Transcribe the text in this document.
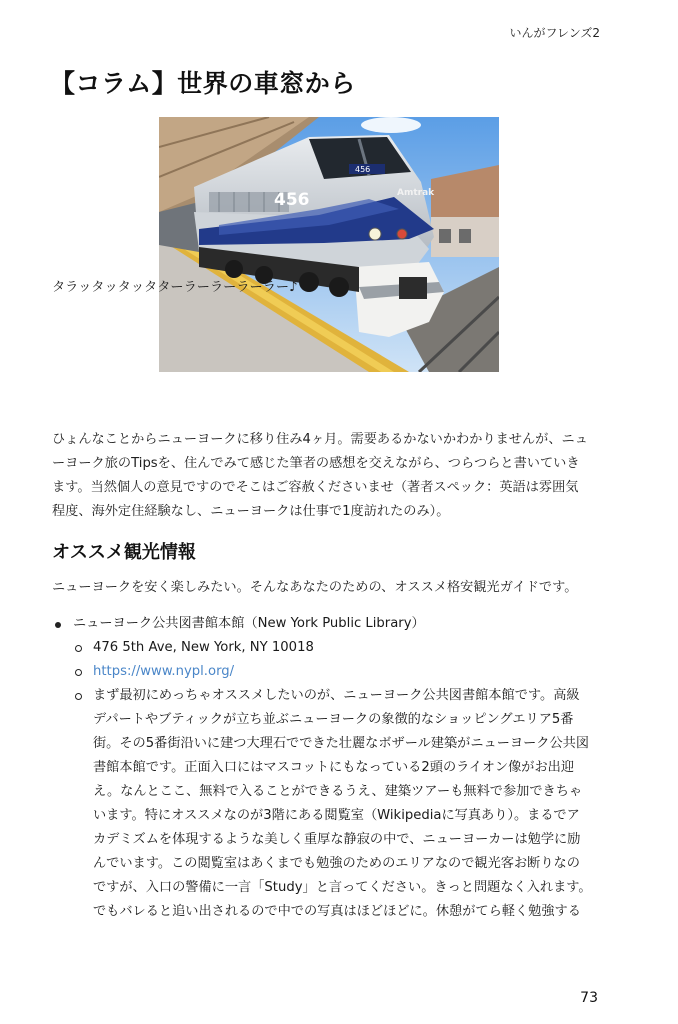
いんがフレンズ2
【コラム】世界の車窓から
456
456
Amtrak

タラッタッタッタターラーラーラーラー♪

ひょんなことからニューヨークに移り住み4ヶ月。需要あるかないかわかりませんが、ニュ
ーヨーク旅のTipsを、住んでみて感じた筆者の感想を交えながら、つらつらと書いていき
ます。当然個人の意見ですのでそこはご容赦くださいませ（著者スペック：英語は雰囲気
程度、海外定住経験なし、ニューヨークは仕事で1度訪れたのみ）。
オススメ観光情報

ニューヨークを安く楽しみたい。そんなあなたのための、オススメ格安観光ガイドです。

ニューヨーク公共図書館本館（New York Public Library）
476 5th Ave, New York, NY 10018
https://www.nypl.org/
まず最初にめっちゃオススメしたいのが、ニューヨーク公共図書館本館です。高級
デパートやブティックが立ち並ぶニューヨークの象徴的なショッピングエリア5番
街。その5番街沿いに建つ大理石でできた壮麗なボザール建築がニューヨーク公共図
書館本館です。正面入口にはマスコットにもなっている2頭のライオン像がお出迎
え。なんとここ、無料で入ることができるうえ、建築ツアーも無料で参加できちゃ
います。特にオススメなのが3階にある閲覧室（Wikipediaに写真あり）。まるでア
カデミズムを体現するような美しく重厚な静寂の中で、ニューヨーカーは勉学に励
んでいます。この閲覧室はあくまでも勉強のためのエリアなので観光客お断りなの
ですが、入口の警備に一言「Study」と言ってください。きっと問題なく入れます。
でもバレると追い出されるので中での写真はほどほどに。休憩がてら軽く勉強する
73
